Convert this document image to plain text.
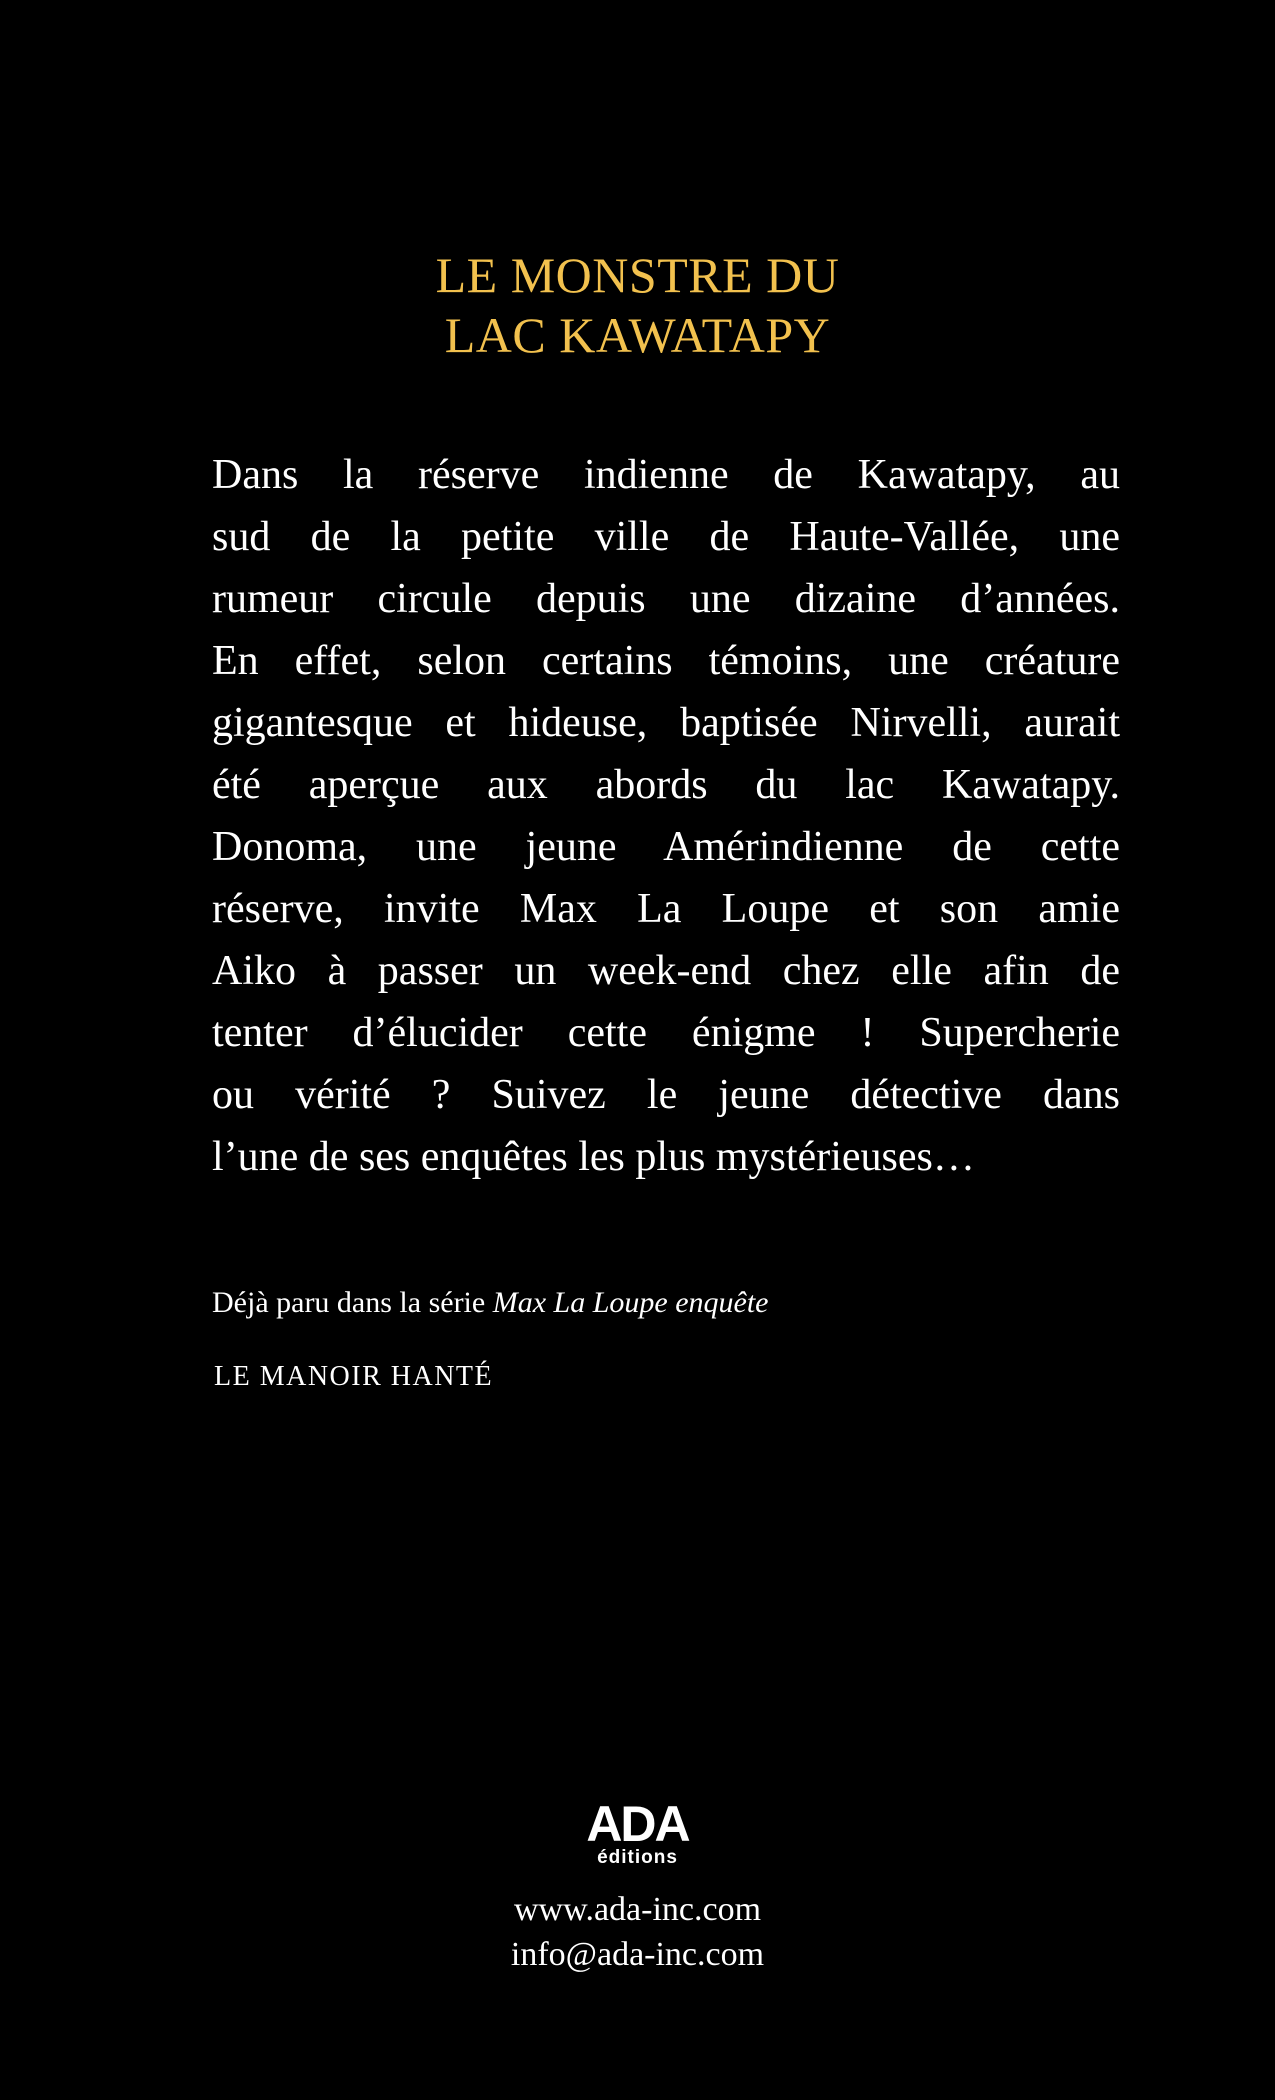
LE MONSTRE DU
LAC KAWATAPY
Dans la réserve indienne de Kawatapy, au
sud de la petite ville de Haute-Vallée, une
rumeur circule depuis une dizaine d’années.
En effet, selon certains témoins, une créature
gigantesque et hideuse, baptisée Nirvelli, aurait
été aperçue aux abords du lac Kawatapy.
Donoma, une jeune Amérindienne de cette
réserve, invite Max La Loupe et son amie
Aiko à passer un week-end chez elle afin de
tenter d’élucider cette énigme ! Supercherie
ou vérité ? Suivez le jeune détective dans
l’une de ses enquêtes les plus mystérieuses…
Déjà paru dans la série Max La Loupe enquête
LE MANOIR HANTÉ
ADA
éditions
www.ada-inc.com
info@ada-inc.com
